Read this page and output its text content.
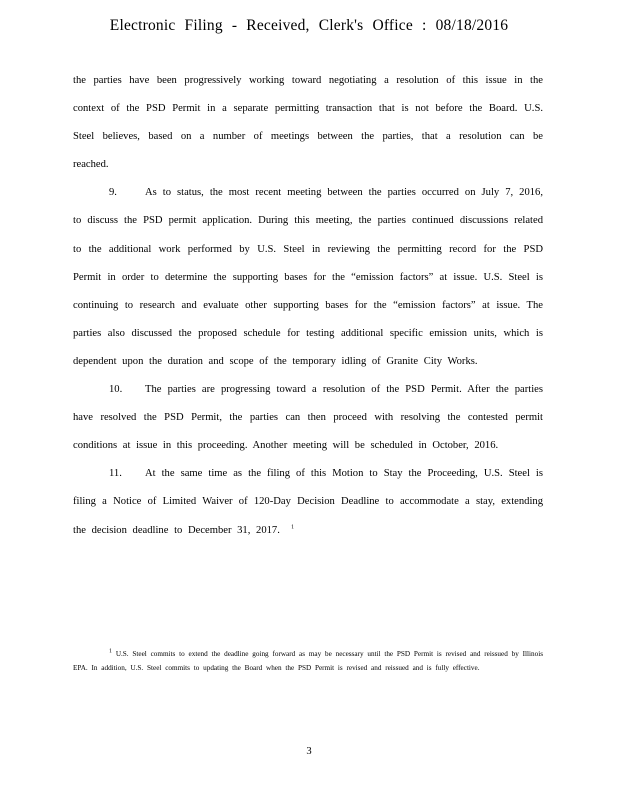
Electronic Filing - Received, Clerk's Office : 08/18/2016

the parties have been progressively working toward negotiating a resolution of this issue in the context of the PSD Permit in a separate permitting transaction that is not before the Board. U.S. Steel believes, based on a number of meetings between the parties, that a resolution can be reached.

9.	As to status, the most recent meeting between the parties occurred on July 7, 2016, to discuss the PSD permit application. During this meeting, the parties continued discussions related to the additional work performed by U.S. Steel in reviewing the permitting record for the PSD Permit in order to determine the supporting bases for the “emission factors” at issue. U.S. Steel is continuing to research and evaluate other supporting bases for the “emission factors” at issue. The parties also discussed the proposed schedule for testing additional specific emission units, which is dependent upon the duration and scope of the temporary idling of Granite City Works.

10. The parties are progressing toward a resolution of the PSD Permit. After the parties have resolved the PSD Permit, the parties can then proceed with resolving the contested permit conditions at issue in this proceeding. Another meeting will be scheduled in October, 2016.

11. At the same time as the filing of this Motion to Stay the Proceeding, U.S. Steel is filing a Notice of Limited Waiver of 120-Day Decision Deadline to accommodate a stay, extending the decision deadline to December 31, 2017. $^1$

$^1$ U.S. Steel commits to extend the deadline going forward as may be necessary until the PSD Permit is revised and reissued by Illinois EPA. In addition, U.S. Steel commits to updating the Board when the PSD Permit is revised and reissued and is fully effective.

3
